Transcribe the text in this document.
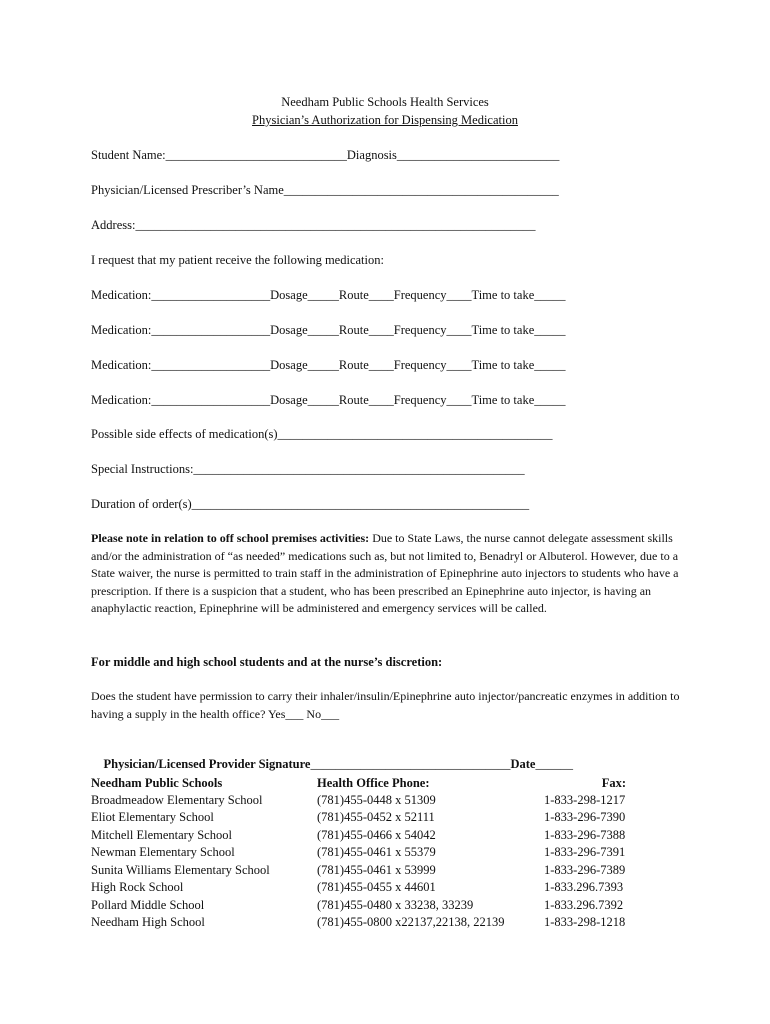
Needham Public Schools Health Services
Physician’s Authorization for Dispensing Medication
Student Name:_____________________________Diagnosis__________________________
Physician/Licensed Prescriber’s Name____________________________________________
Address:________________________________________________________________
I request that my patient receive the following medication:
Medication:___________________Dosage_____Route____Frequency____Time to take_____
Medication:___________________Dosage_____Route____Frequency____Time to take_____
Medication:___________________Dosage_____Route____Frequency____Time to take_____
Medication:___________________Dosage_____Route____Frequency____Time to take_____
Possible side effects of medication(s)____________________________________________
Special Instructions:_____________________________________________________
Duration of order(s)______________________________________________________
Please note in relation to off school premises activities: Due to State Laws, the nurse cannot delegate assessment skills and/or the administration of “as needed” medications such as, but not limited to, Benadryl or Albuterol. However, due to a State waiver, the nurse is permitted to train staff in the administration of Epinephrine auto injectors to students who have a prescription. If there is a suspicion that a student, who has been prescribed an Epinephrine auto injector, is having an anaphylactic reaction, Epinephrine will be administered and emergency services will be called.
For middle and high school students and at the nurse’s discretion:
Does the student have permission to carry their inhaler/insulin/Epinephrine auto injector/pancreatic enzymes in addition to having a supply in the health office? Yes___ No___

Physician/Licensed Provider Signature________________________________Date______

Needham Public Schools	Health Office Phone:	Fax:
Broadmeadow Elementary School	(781)455-0448 x 51309	1-833-298-1217
Eliot Elementary School	(781)455-0452 x 52111	1-833-296-7390
Mitchell Elementary School	(781)455-0466 x 54042	1-833-296-7388
Newman Elementary School	(781)455-0461 x 55379	1-833-296-7391
Sunita Williams Elementary School	(781)455-0461 x 53999	1-833-296-7389
High Rock School	(781)455-0455 x 44601	1-833.296.7393
Pollard Middle School	(781)455-0480 x 33238, 33239	1-833.296.7392
Needham High School	(781)455-0800 x22137,22138, 22139	1-833-298-1218
